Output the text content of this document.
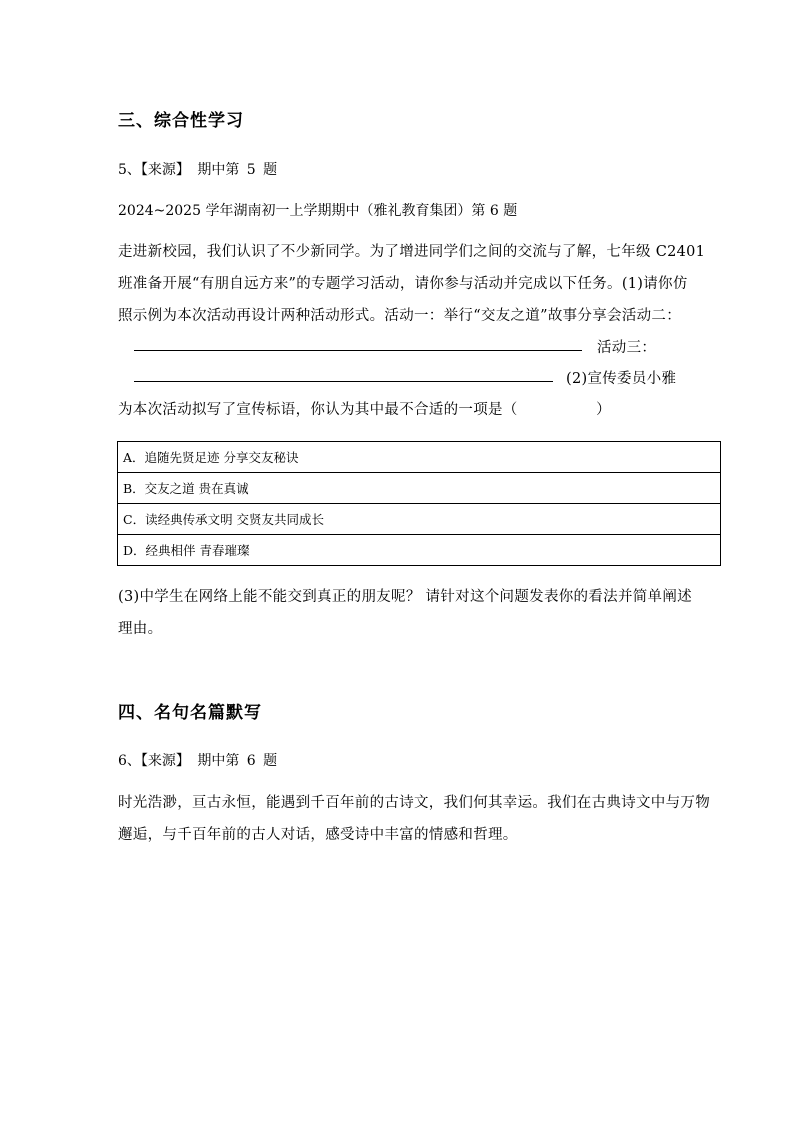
三、综合性学习
5、【来源】 期中第 5 题
2024~2025 学年湖南初一上学期期中（雅礼教育集团）第 6 题
走进新校园，我们认识了不少新同学。为了增进同学们之间的交流与了解，七年级 C2401
班准备开展“有朋自远方来”的专题学习活动，请你参与活动并完成以下任务。(1)请你仿
照示例为本次活动再设计两种活动形式。活动一：举行“交友之道”故事分享会活动二：
活动三：
(2)宣传委员小雅
为本次活动拟写了宣传标语，你认为其中最不合适的一项是（                ）
A．追随先贤足迹 分享交友秘诀
B．交友之道 贵在真诚
C．读经典传承文明 交贤友共同成长
D．经典相伴 青春璀璨
(3)中学生在网络上能不能交到真正的朋友呢？ 请针对这个问题发表你的看法并简单阐述
理由。
四、名句名篇默写
6、【来源】 期中第 6 题
时光浩渺，亘古永恒，能遇到千百年前的古诗文，我们何其幸运。我们在古典诗文中与万物
邂逅，与千百年前的古人对话，感受诗中丰富的情感和哲理。
